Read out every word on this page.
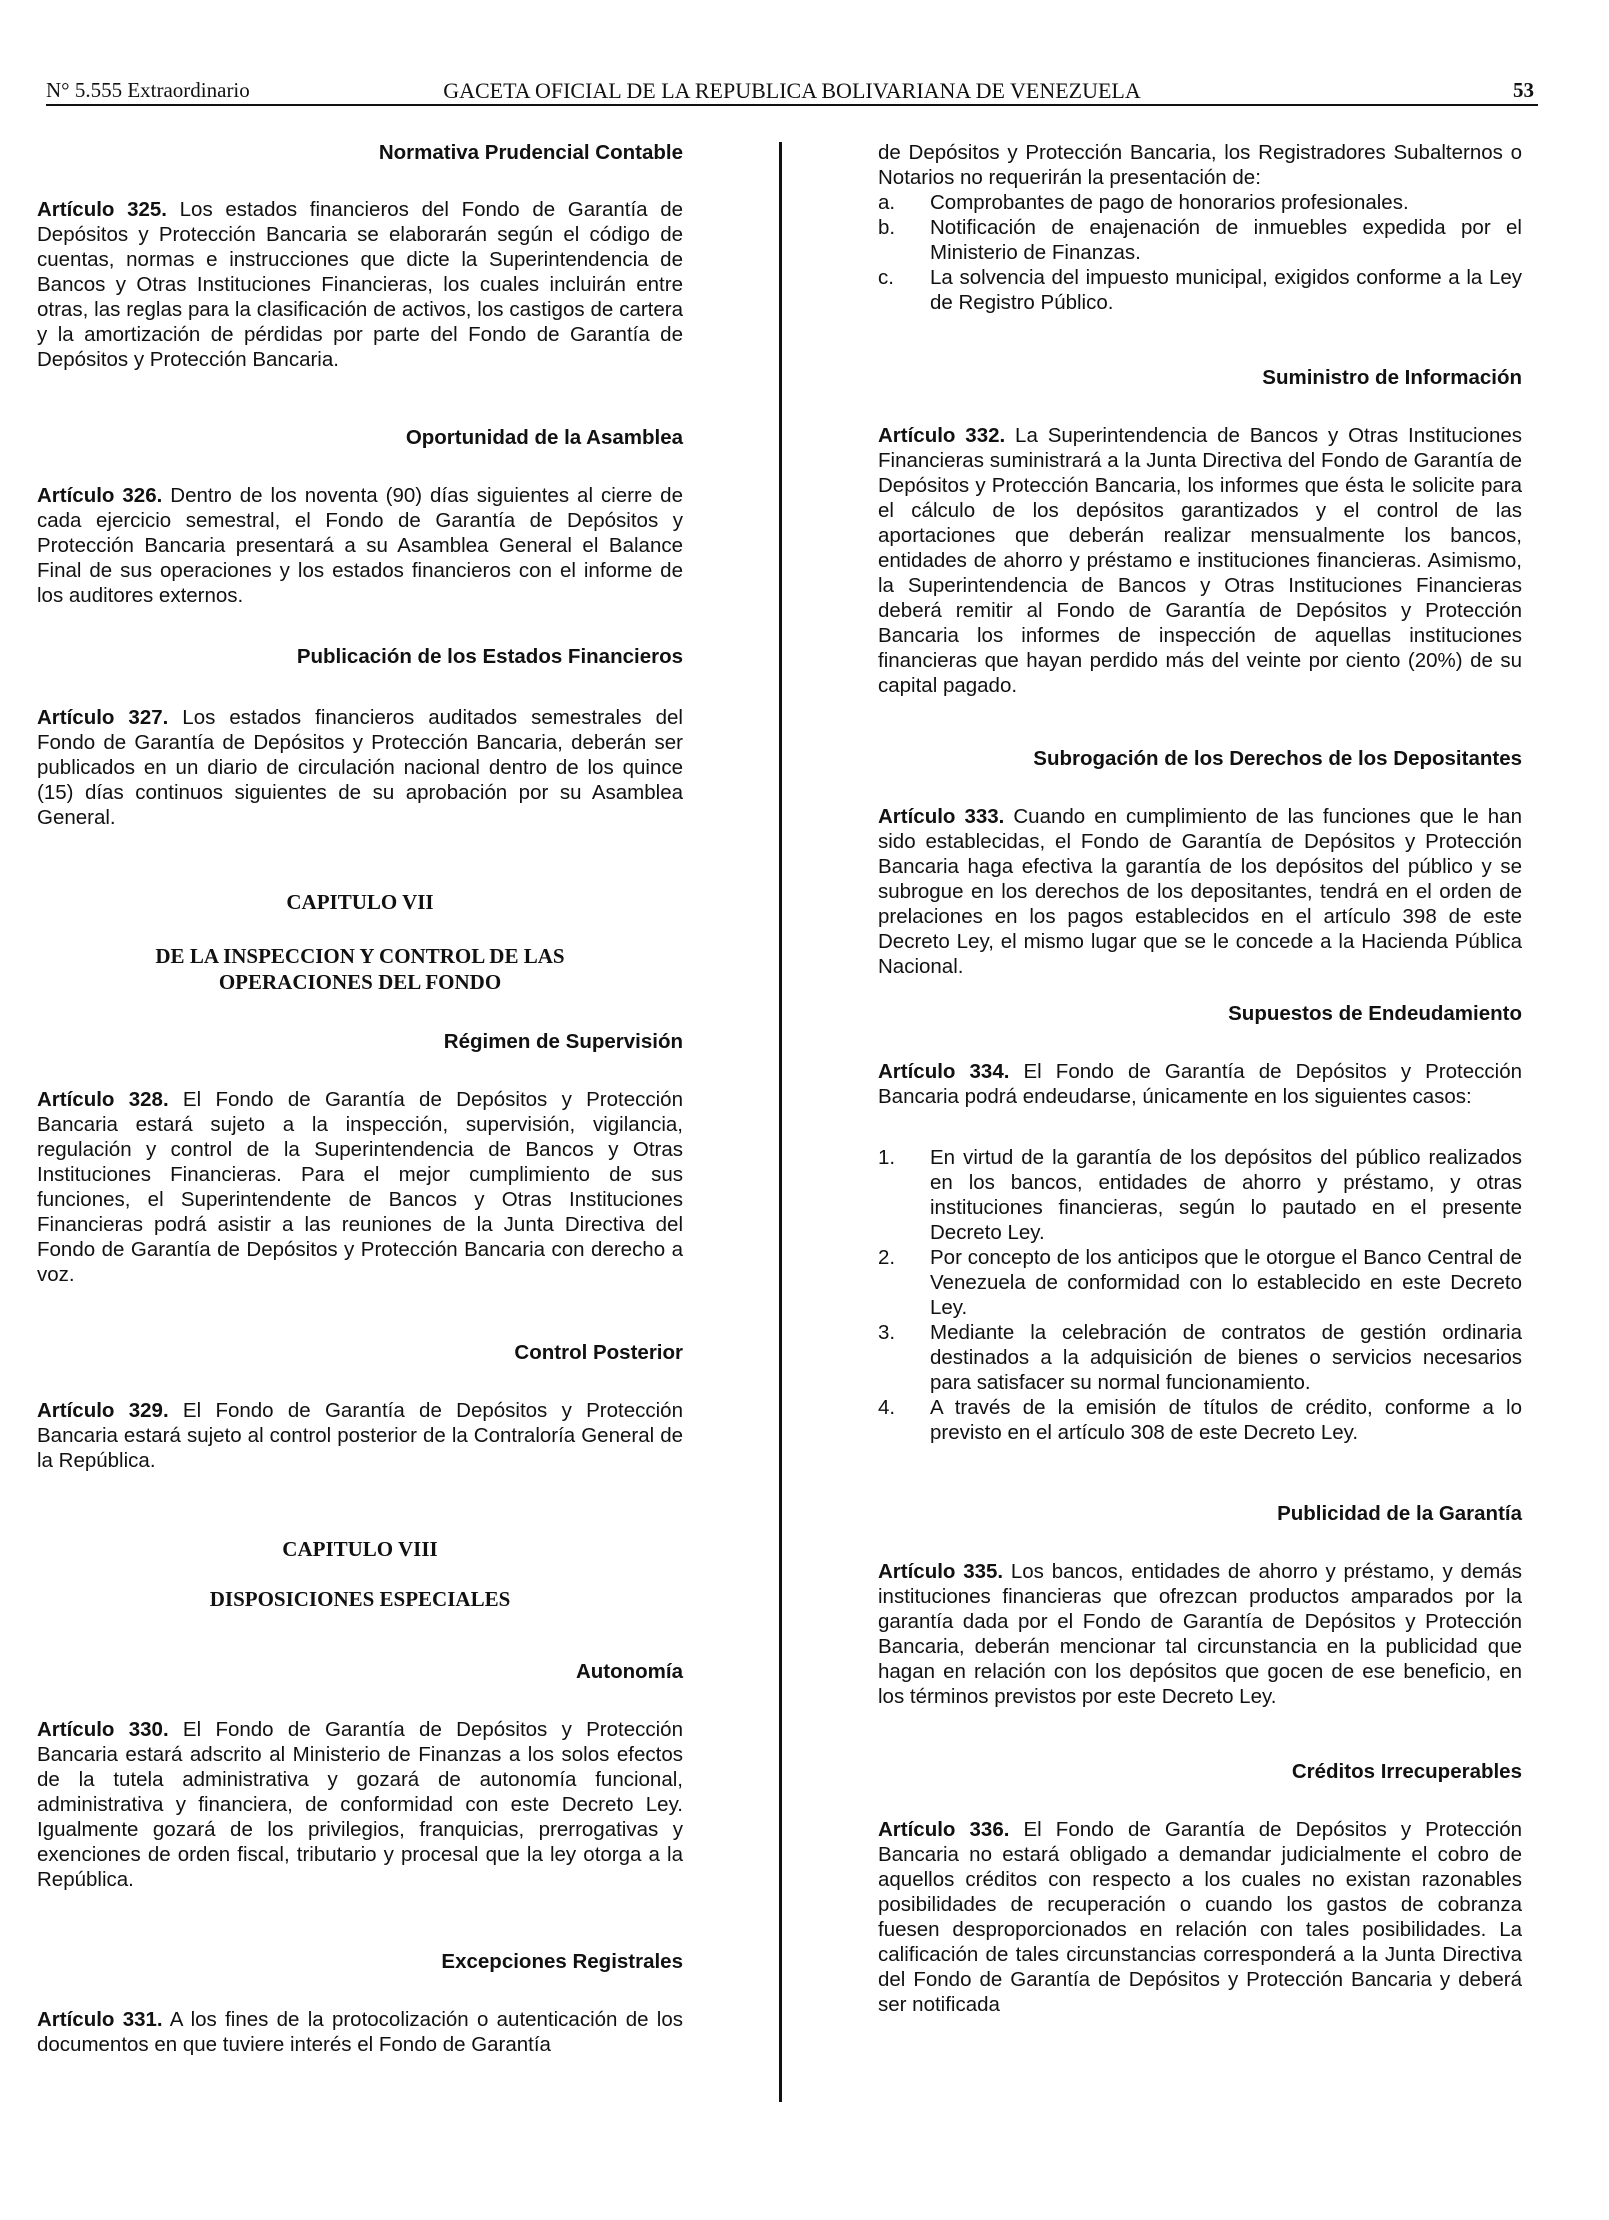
N° 5.555 Extraordinario	GACETA OFICIAL DE LA REPUBLICA BOLIVARIANA DE VENEZUELA	53

Normativa Prudencial Contable

Artículo 325. Los estados financieros del Fondo de Garantía de Depósitos y Protección Bancaria se elaborarán según el código de cuentas, normas e instrucciones que dicte la Superintendencia de Bancos y Otras Instituciones Financieras, los cuales incluirán entre otras, las reglas para la clasificación de activos, los castigos de cartera y la amortización de pérdidas por parte del Fondo de Garantía de Depósitos y Protección Bancaria.

Oportunidad de la Asamblea

Artículo 326. Dentro de los noventa (90) días siguientes al cierre de cada ejercicio semestral, el Fondo de Garantía de Depósitos y Protección Bancaria presentará a su Asamblea General el Balance Final de sus operaciones y los estados financieros con el informe de los auditores externos.

Publicación de los Estados Financieros

Artículo 327. Los estados financieros auditados semestrales del Fondo de Garantía de Depósitos y Protección Bancaria, deberán ser publicados en un diario de circulación nacional dentro de los quince (15) días continuos siguientes de su aprobación por su Asamblea General.

CAPITULO VII

DE LA INSPECCION Y CONTROL DE LAS

OPERACIONES DEL FONDO

Régimen de Supervisión

Artículo 328. El Fondo de Garantía de Depósitos y Protección Bancaria estará sujeto a la inspección, supervisión, vigilancia, regulación y control de la Superintendencia de Bancos y Otras Instituciones Financieras. Para el mejor cumplimiento de sus funciones, el Superintendente de Bancos y Otras Instituciones Financieras podrá asistir a las reuniones de la Junta Directiva del Fondo de Garantía de Depósitos y Protección Bancaria con derecho a voz.

Control Posterior

Artículo 329. El Fondo de Garantía de Depósitos y Protección Bancaria estará sujeto al control posterior de la Contraloría General de la República.

CAPITULO VIII

DISPOSICIONES ESPECIALES

Autonomía

Artículo 330. El Fondo de Garantía de Depósitos y Protección Bancaria estará adscrito al Ministerio de Finanzas a los solos efectos de la tutela administrativa y gozará de autonomía funcional, administrativa y financiera, de conformidad con este Decreto Ley. Igualmente gozará de los privilegios, franquicias, prerrogativas y exenciones de orden fiscal, tributario y procesal que la ley otorga a la República.

Excepciones Registrales

Artículo 331. A los fines de la protocolización o autenticación de los documentos en que tuviere interés el Fondo de Garantía

de Depósitos y Protección Bancaria, los Registradores Subalternos o Notarios no requerirán la presentación de:

a. Comprobantes de pago de honorarios profesionales.
b. Notificación de enajenación de inmuebles expedida por el Ministerio de Finanzas.
c. La solvencia del impuesto municipal, exigidos conforme a la Ley de Registro Público.

Suministro de Información

Artículo 332. La Superintendencia de Bancos y Otras Instituciones Financieras suministrará a la Junta Directiva del Fondo de Garantía de Depósitos y Protección Bancaria, los informes que ésta le solicite para el cálculo de los depósitos garantizados y el control de las aportaciones que deberán realizar mensualmente los bancos, entidades de ahorro y préstamo e instituciones financieras. Asimismo, la Superintendencia de Bancos y Otras Instituciones Financieras deberá remitir al Fondo de Garantía de Depósitos y Protección Bancaria los informes de inspección de aquellas instituciones financieras que hayan perdido más del veinte por ciento (20%) de su capital pagado.

Subrogación de los Derechos de los Depositantes

Artículo 333. Cuando en cumplimiento de las funciones que le han sido establecidas, el Fondo de Garantía de Depósitos y Protección Bancaria haga efectiva la garantía de los depósitos del público y se subrogue en los derechos de los depositantes, tendrá en el orden de prelaciones en los pagos establecidos en el artículo 398 de este Decreto Ley, el mismo lugar que se le concede a la Hacienda Pública Nacional.

Supuestos de Endeudamiento

Artículo 334. El Fondo de Garantía de Depósitos y Protección Bancaria podrá endeudarse, únicamente en los siguientes casos:

1. En virtud de la garantía de los depósitos del público realizados en los bancos, entidades de ahorro y préstamo, y otras instituciones financieras, según lo pautado en el presente Decreto Ley.
2. Por concepto de los anticipos que le otorgue el Banco Central de Venezuela de conformidad con lo establecido en este Decreto Ley.
3. Mediante la celebración de contratos de gestión ordinaria destinados a la adquisición de bienes o servicios necesarios para satisfacer su normal funcionamiento.
4. A través de la emisión de títulos de crédito, conforme a lo previsto en el artículo 308 de este Decreto Ley.

Publicidad de la Garantía

Artículo 335. Los bancos, entidades de ahorro y préstamo, y demás instituciones financieras que ofrezcan productos amparados por la garantía dada por el Fondo de Garantía de Depósitos y Protección Bancaria, deberán mencionar tal circunstancia en la publicidad que hagan en relación con los depósitos que gocen de ese beneficio, en los términos previstos por este Decreto Ley.

Créditos Irrecuperables

Artículo 336. El Fondo de Garantía de Depósitos y Protección Bancaria no estará obligado a demandar judicialmente el cobro de aquellos créditos con respecto a los cuales no existan razonables posibilidades de recuperación o cuando los gastos de cobranza fuesen desproporcionados en relación con tales posibilidades. La calificación de tales circunstancias corresponderá a la Junta Directiva del Fondo de Garantía de Depósitos y Protección Bancaria y deberá ser notificada
